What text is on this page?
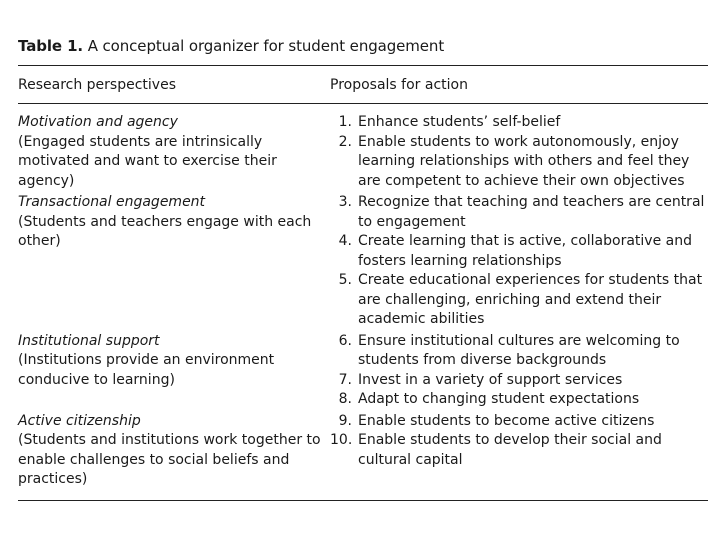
Table 1. A conceptual organizer for student engagement
Research perspectives	Proposals for action
Motivation and agency
(Engaged students are intrinsically motivated and want to exercise their agency)
1. Enhance students’ self-belief
2. Enable students to work autonomously, enjoy learning relationships with others and feel they are competent to achieve their own objectives
Transactional engagement
(Students and teachers engage with each other)
3. Recognize that teaching and teachers are central to engagement
4. Create learning that is active, collaborative and fosters learning relationships
5. Create educational experiences for students that are challenging, enriching and extend their academic abilities
Institutional support
(Institutions provide an environment conducive to learning)
6. Ensure institutional cultures are welcoming to students from diverse backgrounds
7. Invest in a variety of support services
8. Adapt to changing student expectations
Active citizenship
(Students and institutions work together to enable challenges to social beliefs and practices)
9. Enable students to become active citizens
10. Enable students to develop their social and cultural capital
